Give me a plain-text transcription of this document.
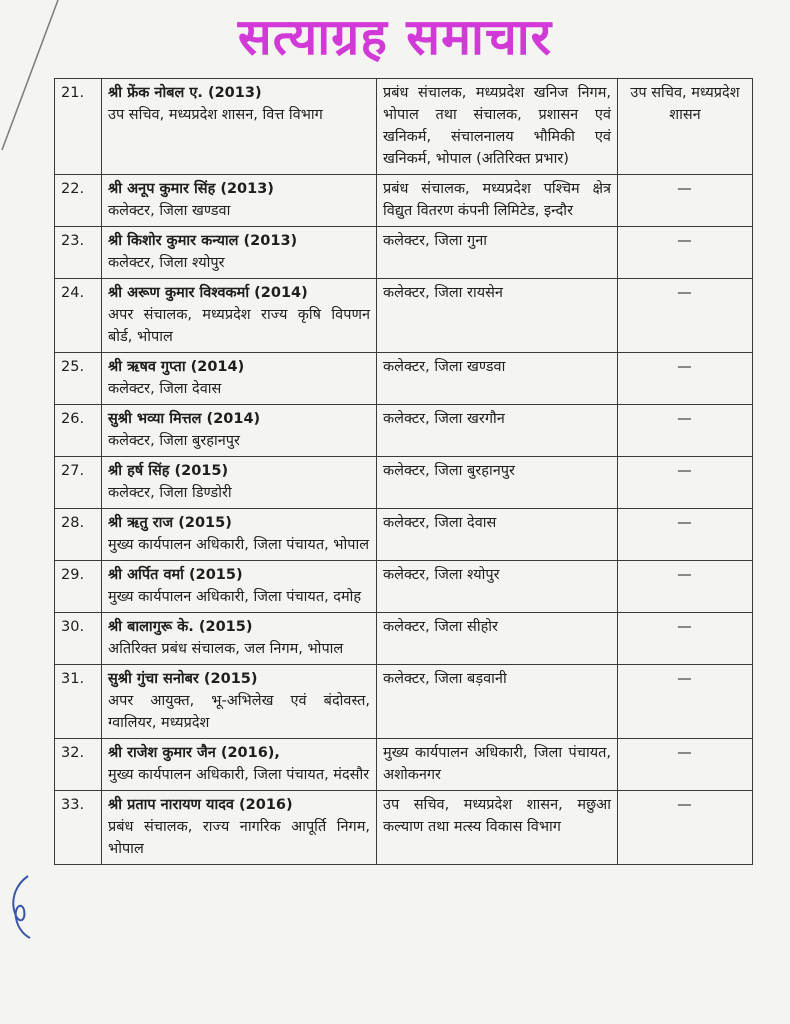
सत्याग्रह समाचार
21.	श्री फ्रेंक नोबल ए. (2013)
उप सचिव, मध्यप्रदेश शासन, वित्त विभाग	प्रबंध संचालक, मध्यप्रदेश खनिज निगम, भोपाल तथा संचालक, प्रशासन एवं खनिकर्म, संचालनालय भौमिकी एवं खनिकर्म, भोपाल (अतिरिक्त प्रभार)	उप सचिव, मध्यप्रदेश शासन

22.	श्री अनूप कुमार सिंह (2013)
कलेक्टर, जिला खण्डवा	प्रबंध संचालक, मध्यप्रदेश पश्चिम क्षेत्र विद्युत वितरण कंपनी लिमिटेड, इन्दौर	—

23.	श्री किशोर कुमार कन्याल (2013)
कलेक्टर, जिला श्योपुर	कलेक्टर, जिला गुना	—

24.	श्री अरूण कुमार विश्वकर्मा (2014)
अपर संचालक, मध्यप्रदेश राज्य कृषि विपणन बोर्ड, भोपाल	कलेक्टर, जिला रायसेन	—

25.	श्री ऋषव गुप्ता (2014)
कलेक्टर, जिला देवास	कलेक्टर, जिला खण्डवा	—

26.	सुश्री भव्या मित्तल (2014)
कलेक्टर, जिला बुरहानपुर	कलेक्टर, जिला खरगौन	—

27.	श्री हर्ष सिंह (2015)
कलेक्टर, जिला डिण्डोरी	कलेक्टर, जिला बुरहानपुर	—

28.	श्री ऋतु राज (2015)
मुख्य कार्यपालन अधिकारी, जिला पंचायत, भोपाल	कलेक्टर, जिला देवास	—

29.	श्री अर्पित वर्मा (2015)
मुख्य कार्यपालन अधिकारी, जिला पंचायत, दमोह	कलेक्टर, जिला श्योपुर	—

30.	श्री बालागुरू के. (2015)
अतिरिक्त प्रबंध संचालक, जल निगम, भोपाल	कलेक्टर, जिला सीहोर	—

31.	सुश्री गुंचा सनोबर (2015)
अपर आयुक्त, भू-अभिलेख एवं बंदोवस्त, ग्वालियर, मध्यप्रदेश	कलेक्टर, जिला बड़वानी	—

32.	श्री राजेश कुमार जैन (2016),
मुख्य कार्यपालन अधिकारी, जिला पंचायत, मंदसौर	मुख्य कार्यपालन अधिकारी, जिला पंचायत, अशोकनगर	—

33.	श्री प्रताप नारायण यादव (2016)
प्रबंध संचालक, राज्य नागरिक आपूर्ति निगम, भोपाल	उप सचिव, मध्यप्रदेश शासन, मछुआ कल्याण तथा मत्स्य विकास विभाग	—
